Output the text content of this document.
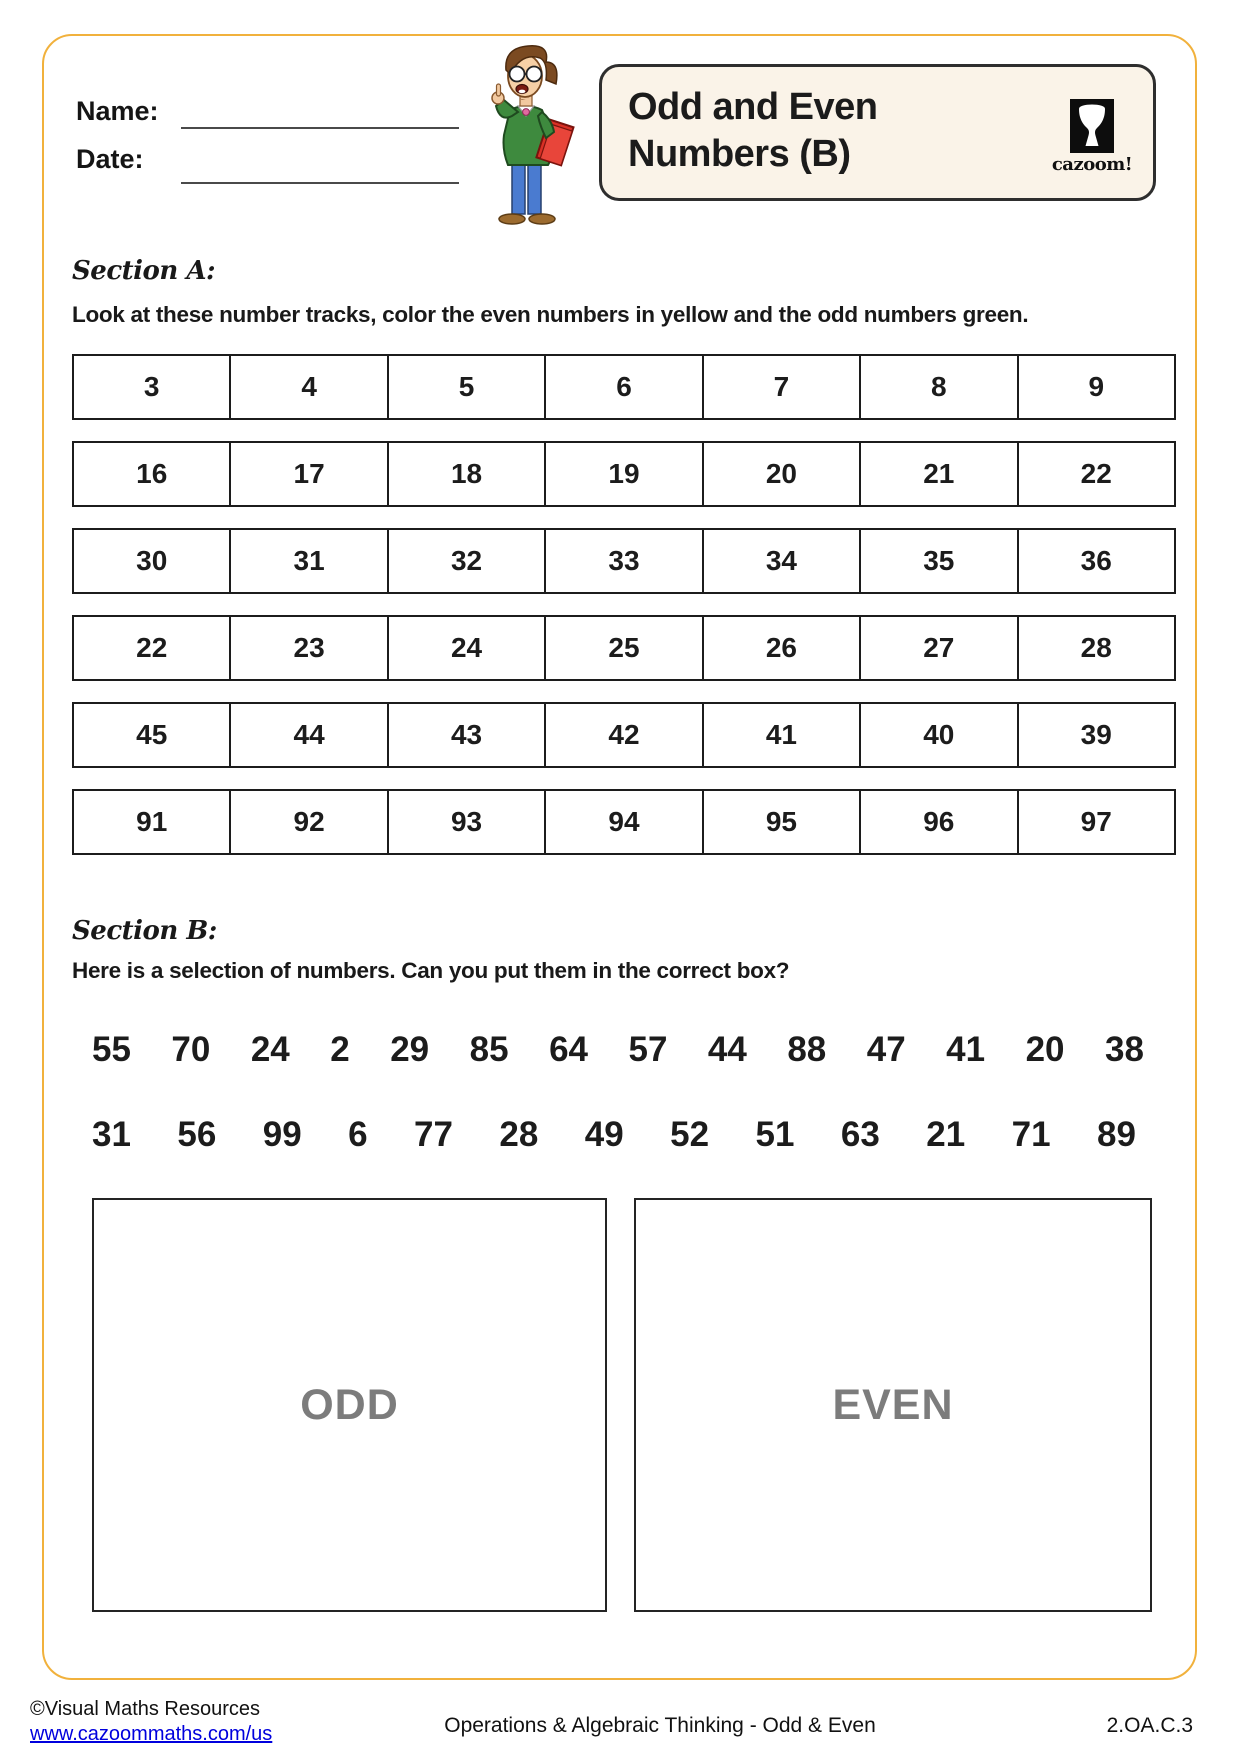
Name:
Date:
Odd and Even
Numbers (B)	cazoom!
Section A:
Look at these number tracks, color the even numbers in yellow and the odd numbers green.
3	4	5	6	7	8	9
16	17	18	19	20	21	22
30	31	32	33	34	35	36
22	23	24	25	26	27	28
45	44	43	42	41	40	39
91	92	93	94	95	96	97
Section B:
Here is a selection of numbers. Can you put them in the correct box?
55 70 24 2 29 85 64 57 44 88 47 41 20 38
31 56 99 6 77 28 49 52 51 63 21 71 89
ODD	EVEN
©Visual Maths Resources
www.cazoommaths.com/us	Operations & Algebraic Thinking - Odd & Even	2.OA.C.3
